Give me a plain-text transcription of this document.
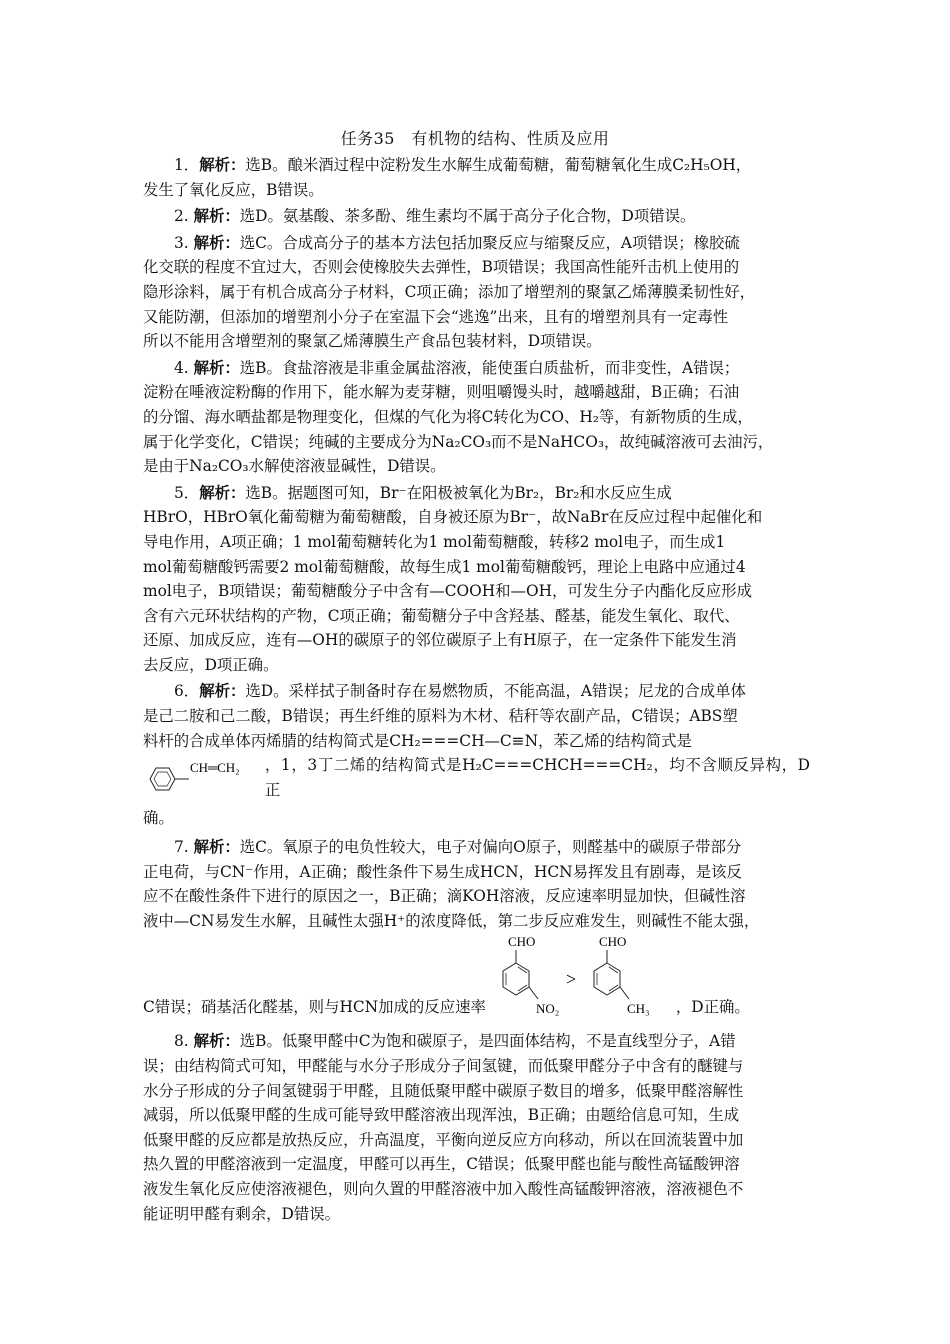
任务35　有机物的结构、性质及应用

1．解析：选B。酿米酒过程中淀粉发生水解生成葡萄糖，葡萄糖氧化生成C₂H₅OH，
发生了氧化反应，B错误。

2. 解析：选D。氨基酸、茶多酚、维生素均不属于高分子化合物，D项错误。

3. 解析：选C。合成高分子的基本方法包括加聚反应与缩聚反应，A项错误；橡胶硫
化交联的程度不宜过大，否则会使橡胶失去弹性，B项错误；我国高性能歼击机上使用的
隐形涂料，属于有机合成高分子材料，C项正确；添加了增塑剂的聚氯乙烯薄膜柔韧性好，
又能防潮，但添加的增塑剂小分子在室温下会“逃逸”出来，且有的增塑剂具有一定毒性
所以不能用含增塑剂的聚氯乙烯薄膜生产食品包装材料，D项错误。

4. 解析：选B。食盐溶液是非重金属盐溶液，能使蛋白质盐析，而非变性，A错误；
淀粉在唾液淀粉酶的作用下，能水解为麦芽糖，则咀嚼馒头时，越嚼越甜，B正确；石油
的分馏、海水晒盐都是物理变化，但煤的气化为将C转化为CO、H₂等，有新物质的生成，
属于化学变化，C错误；纯碱的主要成分为Na₂CO₃而不是NaHCO₃，故纯碱溶液可去油污，
是由于Na₂CO₃水解使溶液显碱性，D错误。

5．解析：选B。据题图可知，Br⁻在阳极被氧化为Br₂，Br₂和水反应生成
HBrO，HBrO氧化葡萄糖为葡萄糖酸，自身被还原为Br⁻，故NaBr在反应过程中起催化和
导电作用，A项正确；1 mol葡萄糖转化为1 mol葡萄糖酸，转移2 mol电子，而生成1
mol葡萄糖酸钙需要2 mol葡萄糖酸，故每生成1 mol葡萄糖酸钙，理论上电路中应通过4
mol电子，B项错误；葡萄糖酸分子中含有—COOH和—OH，可发生分子内酯化反应形成
含有六元环状结构的产物，C项正确；葡萄糖分子中含羟基、醛基，能发生氧化、取代、
还原、加成反应，连有—OH的碳原子的邻位碳原子上有H原子，在一定条件下能发生消
去反应，D项正确。

6．解析：选D。采样拭子制备时存在易燃物质，不能高温，A错误；尼龙的合成单体
是己二胺和己二酸，B错误；再生纤维的原料为木材、秸秆等农副产品，C错误；ABS塑
料杆的合成单体丙烯腈的结构简式是CH₂===CH—C≡N，苯乙烯的结构简式是

CH═CH₂ ，1，3丁二烯的结构简式是H₂C===CHCH===CH₂，均不含顺反异构，D正

确。

7. 解析：选C。氧原子的电负性较大，电子对偏向O原子，则醛基中的碳原子带部分
正电荷，与CN⁻作用，A正确；酸性条件下易生成HCN，HCN易挥发且有剧毒，是该反
应不在酸性条件下进行的原因之一，B正确；滴KOH溶液，反应速率明显加快，但碱性溶
液中—CN易发生水解，且碱性太强H⁺的浓度降低，第二步反应难发生，则碱性不能太强，

C错误；硝基活化醛基，则与HCN加成的反应速率
CHO
NO₂
>
CHO
CH₃ ，D正确。

8. 解析：选B。低聚甲醛中C为饱和碳原子，是四面体结构，不是直线型分子，A错
误；由结构简式可知，甲醛能与水分子形成分子间氢键，而低聚甲醛分子中含有的醚键与
水分子形成的分子间氢键弱于甲醛，且随低聚甲醛中碳原子数目的增多，低聚甲醛溶解性
减弱，所以低聚甲醛的生成可能导致甲醛溶液出现浑浊，B正确；由题给信息可知，生成
低聚甲醛的反应都是放热反应，升高温度，平衡向逆反应方向移动，所以在回流装置中加
热久置的甲醛溶液到一定温度，甲醛可以再生，C错误；低聚甲醛也能与酸性高锰酸钾溶
液发生氧化反应使溶液褪色，则向久置的甲醛溶液中加入酸性高锰酸钾溶液，溶液褪色不
能证明甲醛有剩余，D错误。
